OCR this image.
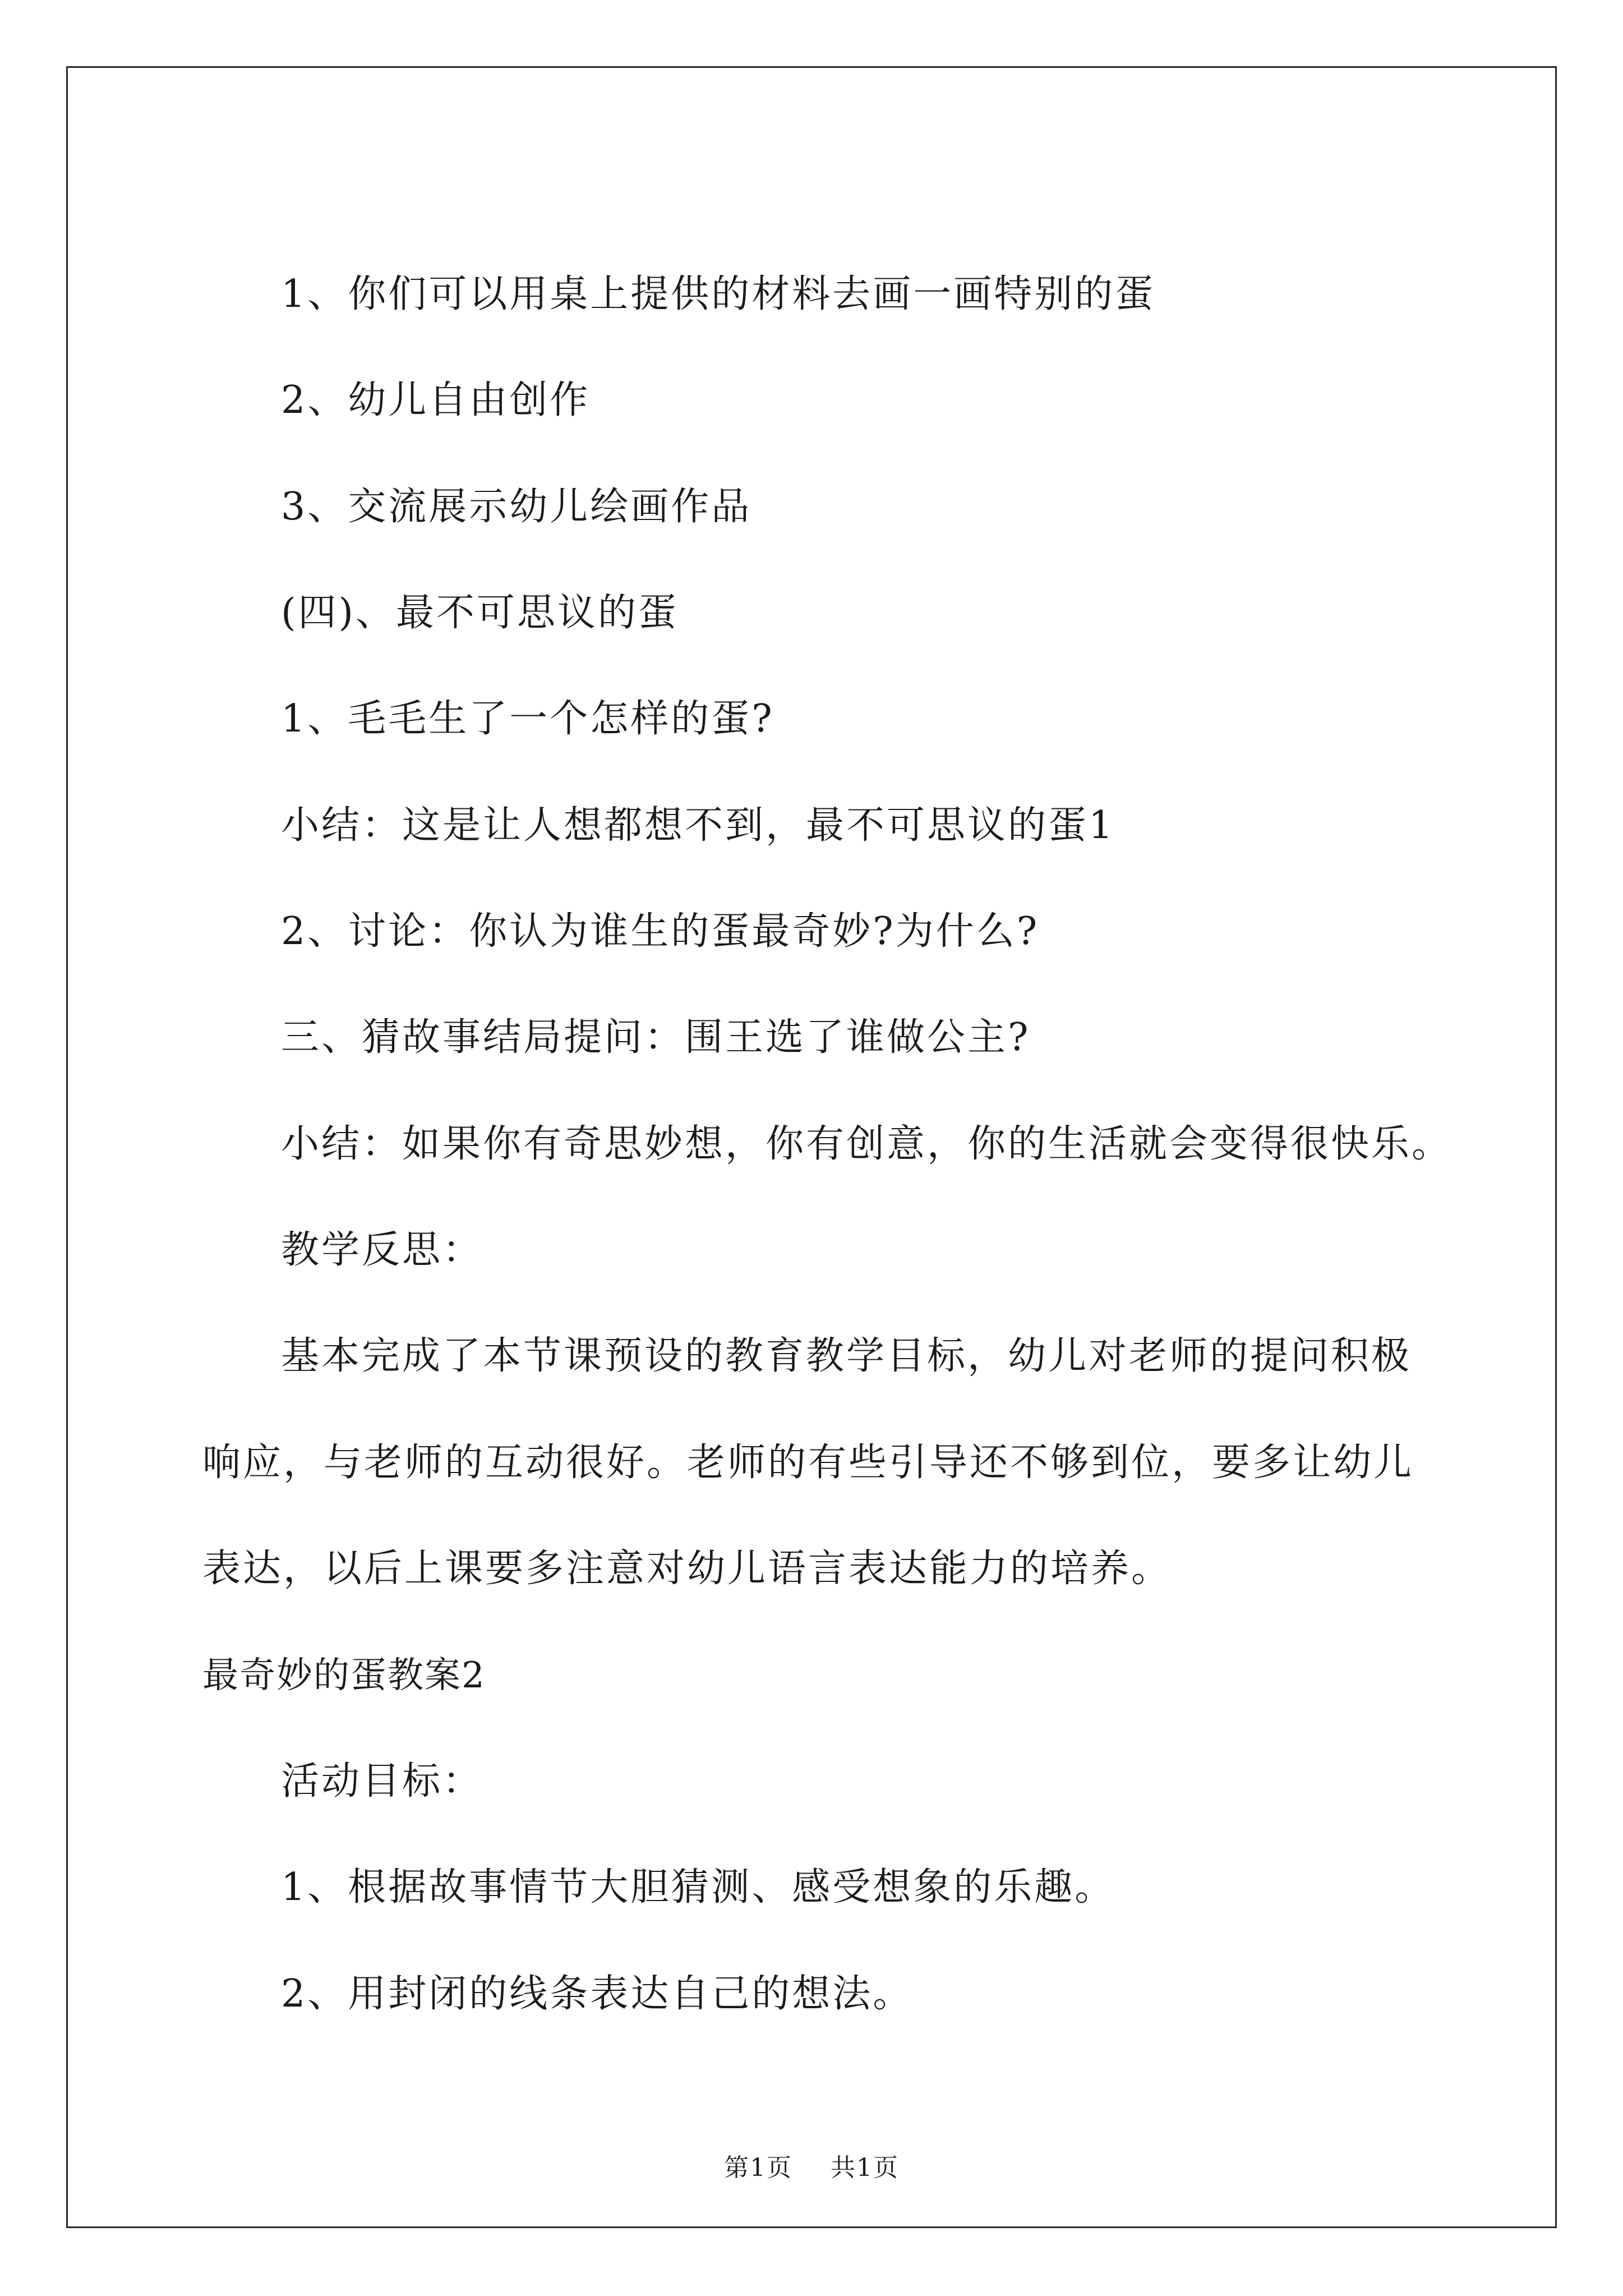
1、你们可以用桌上提供的材料去画一画特别的蛋
2、幼儿自由创作
3、交流展示幼儿绘画作品
(四)、最不可思议的蛋
1、毛毛生了一个怎样的蛋?
小结：这是让人想都想不到，最不可思议的蛋1
2、讨论：你认为谁生的蛋最奇妙?为什么?
三、猜故事结局提问：围王选了谁做公主?
小结：如果你有奇思妙想，你有创意，你的生活就会变得很快乐。
教学反思：
基本完成了本节课预设的教育教学目标，幼儿对老师的提问积极
响应，与老师的互动很好。老师的有些引导还不够到位，要多让幼儿
表达，以后上课要多注意对幼儿语言表达能力的培养。
最奇妙的蛋教案2
活动目标：
1、根据故事情节大胆猜测、感受想象的乐趣。
2、用封闭的线条表达自己的想法。
第1页 共1页
